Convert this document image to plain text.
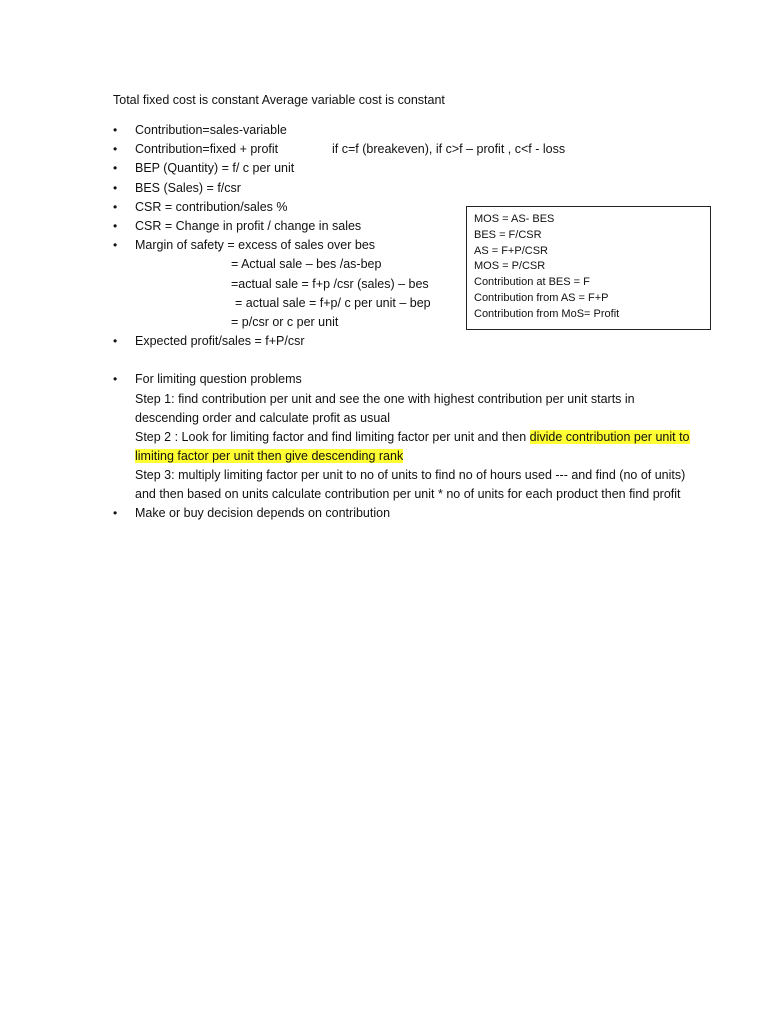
Total fixed cost is constant Average variable cost is constant
• Contribution=sales-variable
• Contribution=fixed + profit	if c=f (breakeven), if c>f – profit , c<f - loss
• BEP (Quantity) = f/ c per unit
• BES (Sales) = f/csr
• CSR = contribution/sales %
• CSR = Change in profit / change in sales
• Margin of safety = excess of sales over bes
= Actual sale – bes /as-bep
=actual sale = f+p /csr (sales) – bes
= actual sale = f+p/ c per unit – bep
= p/csr or c per unit
• Expected profit/sales = f+P/csr
• For limiting question problems
Step 1: find contribution per unit and see the one with highest contribution per unit starts in descending order and calculate profit as usual
Step 2 : Look for limiting factor and find limiting factor per unit and then divide contribution per unit to limiting factor per unit then give descending rank
Step 3: multiply limiting factor per unit to no of units to find no of hours used --- and find (no of units) and then based on units calculate contribution per unit * no of units for each product then find profit
• Make or buy decision depends on contribution
MOS = AS- BES
BES = F/CSR
AS = F+P/CSR
MOS = P/CSR
Contribution at BES = F
Contribution from AS = F+P
Contribution from MoS= Profit
